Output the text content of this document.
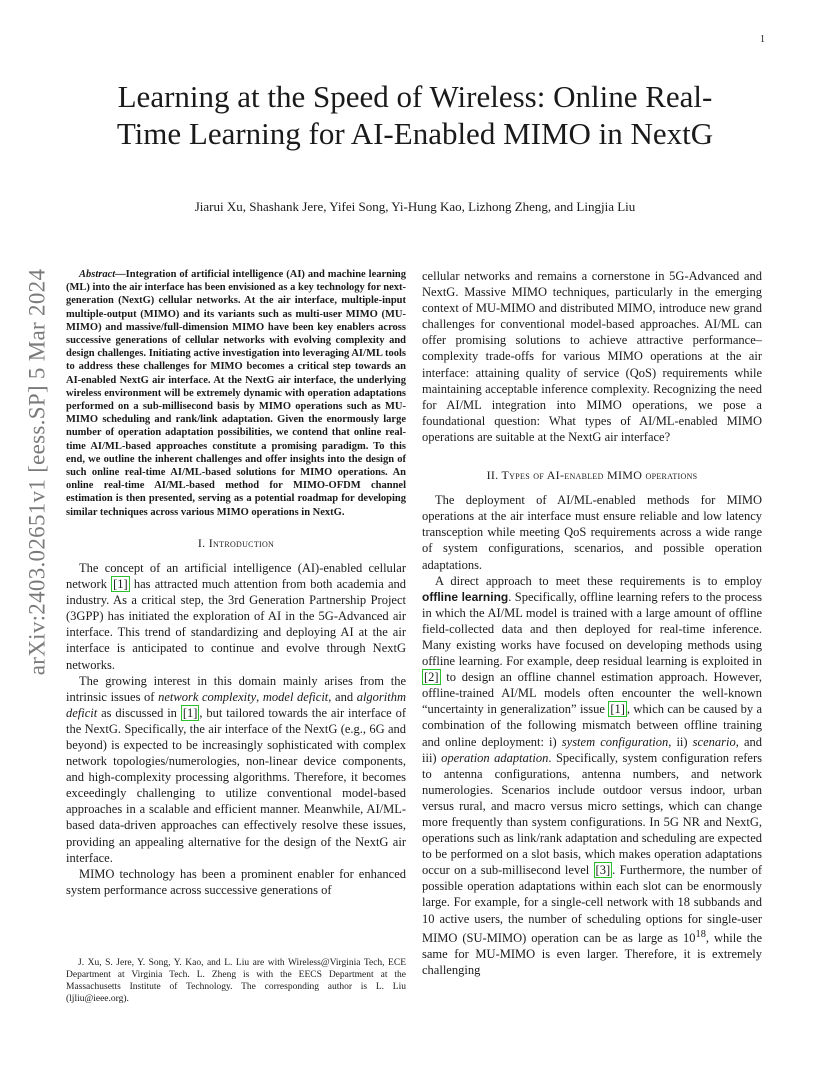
1
arXiv:2403.02651v1 [eess.SP] 5 Mar 2024
Learning at the Speed of Wireless: Online Real-Time Learning for AI-Enabled MIMO in NextG
Jiarui Xu, Shashank Jere, Yifei Song, Yi-Hung Kao, Lizhong Zheng, and Lingjia Liu

Abstract—Integration of artificial intelligence (AI) and machine learning (ML) into the air interface has been envisioned as a key technology for next-generation (NextG) cellular networks. At the air interface, multiple-input multiple-output (MIMO) and its variants such as multi-user MIMO (MU-MIMO) and massive/full-dimension MIMO have been key enablers across successive generations of cellular networks with evolving complexity and design challenges. Initiating active investigation into leveraging AI/ML tools to address these challenges for MIMO becomes a critical step towards an AI-enabled NextG air interface. At the NextG air interface, the underlying wireless environment will be extremely dynamic with operation adaptations performed on a sub-millisecond basis by MIMO operations such as MU-MIMO scheduling and rank/link adaptation. Given the enormously large number of operation adaptation possibilities, we contend that online real-time AI/ML-based approaches constitute a promising paradigm. To this end, we outline the inherent challenges and offer insights into the design of such online real-time AI/ML-based solutions for MIMO operations. An online real-time AI/ML-based method for MIMO-OFDM channel estimation is then presented, serving as a potential roadmap for developing similar techniques across various MIMO operations in NextG.

I. Introduction

The concept of an artificial intelligence (AI)-enabled cellular network [1] has attracted much attention from both academia and industry. As a critical step, the 3rd Generation Partnership Project (3GPP) has initiated the exploration of AI in the 5G-Advanced air interface. This trend of standardizing and deploying AI at the air interface is anticipated to continue and evolve through NextG networks.

The growing interest in this domain mainly arises from the intrinsic issues of network complexity, model deficit, and algorithm deficit as discussed in [1] , but tailored towards the air interface of the NextG. Specifically, the air interface of the NextG (e.g., 6G and beyond) is expected to be increasingly sophisticated with complex network topologies/numerologies, non-linear device components, and high-complexity processing algorithms. Therefore, it becomes exceedingly challenging to utilize conventional model-based approaches in a scalable and efficient manner. Meanwhile, AI/ML-based data-driven approaches can effectively resolve these issues, providing an appealing alternative for the design of the NextG air interface.

MIMO technology has been a prominent enabler for enhanced system performance across successive generations of

J. Xu, S. Jere, Y. Song, Y. Kao, and L. Liu are with Wireless@Virginia Tech, ECE Department at Virginia Tech. L. Zheng is with the EECS Department at the Massachusetts Institute of Technology. The corresponding author is L. Liu (ljliu@ieee.org).

cellular networks and remains a cornerstone in 5G-Advanced and NextG. Massive MIMO techniques, particularly in the emerging context of MU-MIMO and distributed MIMO, introduce new grand challenges for conventional model-based approaches. AI/ML can offer promising solutions to achieve attractive performance–complexity trade-offs for various MIMO operations at the air interface: attaining quality of service (QoS) requirements while maintaining acceptable inference complexity. Recognizing the need for AI/ML integration into MIMO operations, we pose a foundational question: What types of AI/ML-enabled MIMO operations are suitable at the NextG air interface?

II. Types of AI-enabled MIMO operations

The deployment of AI/ML-enabled methods for MIMO operations at the air interface must ensure reliable and low latency transception while meeting QoS requirements across a wide range of system configurations, scenarios, and possible operation adaptations.

A direct approach to meet these requirements is to employ offline learning. Specifically, offline learning refers to the process in which the AI/ML model is trained with a large amount of offline field-collected data and then deployed for real-time inference. Many existing works have focused on developing methods using offline learning. For example, deep residual learning is exploited in [2] to design an offline channel estimation approach. However, offline-trained AI/ML models often encounter the well-known “uncertainty in generalization” issue [1] , which can be caused by a combination of the following mismatch between offline training and online deployment: i) system configuration, ii) scenario, and iii) operation adaptation. Specifically, system configuration refers to antenna configurations, antenna numbers, and network numerologies. Scenarios include outdoor versus indoor, urban versus rural, and macro versus micro settings, which can change more frequently than system configurations. In 5G NR and NextG, operations such as link/rank adaptation and scheduling are expected to be performed on a slot basis, which makes operation adaptations occur on a sub-millisecond level [3] . Furthermore, the number of possible operation adaptations within each slot can be enormously large. For example, for a single-cell network with 18 subbands and 10 active users, the number of scheduling options for single-user MIMO (SU-MIMO) operation can be as large as $10^{18}$, while the same for MU-MIMO is even larger. Therefore, it is extremely challenging
